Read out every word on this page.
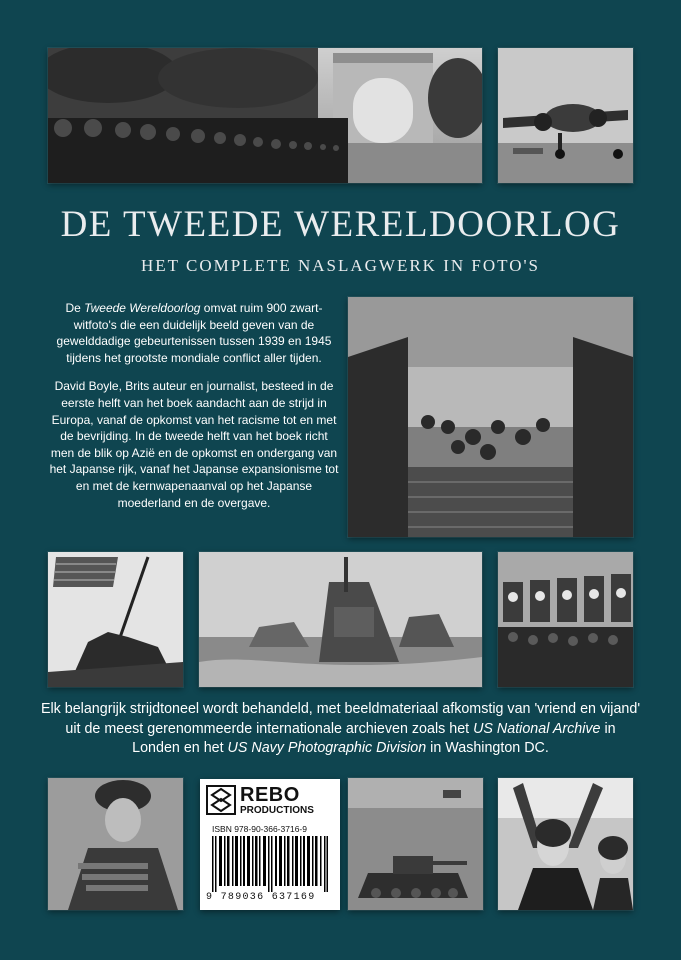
DE TWEEDE WERELDOORLOG
HET COMPLETE NASLAGWERK IN FOTO'S

De Tweede Wereldoorlog omvat ruim 900 zwart-witfoto's die een duidelijk beeld geven van de gewelddadige gebeurtenissen tussen 1939 en 1945 tijdens het grootste mondiale conflict aller tijden.

David Boyle, Brits auteur en journalist, besteed in de eerste helft van het boek aandacht aan de strijd in Europa, vanaf de opkomst van het racisme tot en met de bevrijding. In de tweede helft van het boek richt men de blik op Azië en de opkomst en ondergang van het Japanse rijk, vanaf het Japanse expansionisme tot en met de kernwapenaanval op het Japanse moederland en de overgave.

Elk belangrijk strijdtoneel wordt behandeld, met beeldmateriaal afkomstig van 'vriend en vijand' uit de meest gerenommeerde internationale archieven zoals het US National Archive in Londen en het US Navy Photographic Division in Washington DC.
REBO
PRODUCTIONS
ISBN 978-90-366-3716-9
9 789036 637169
